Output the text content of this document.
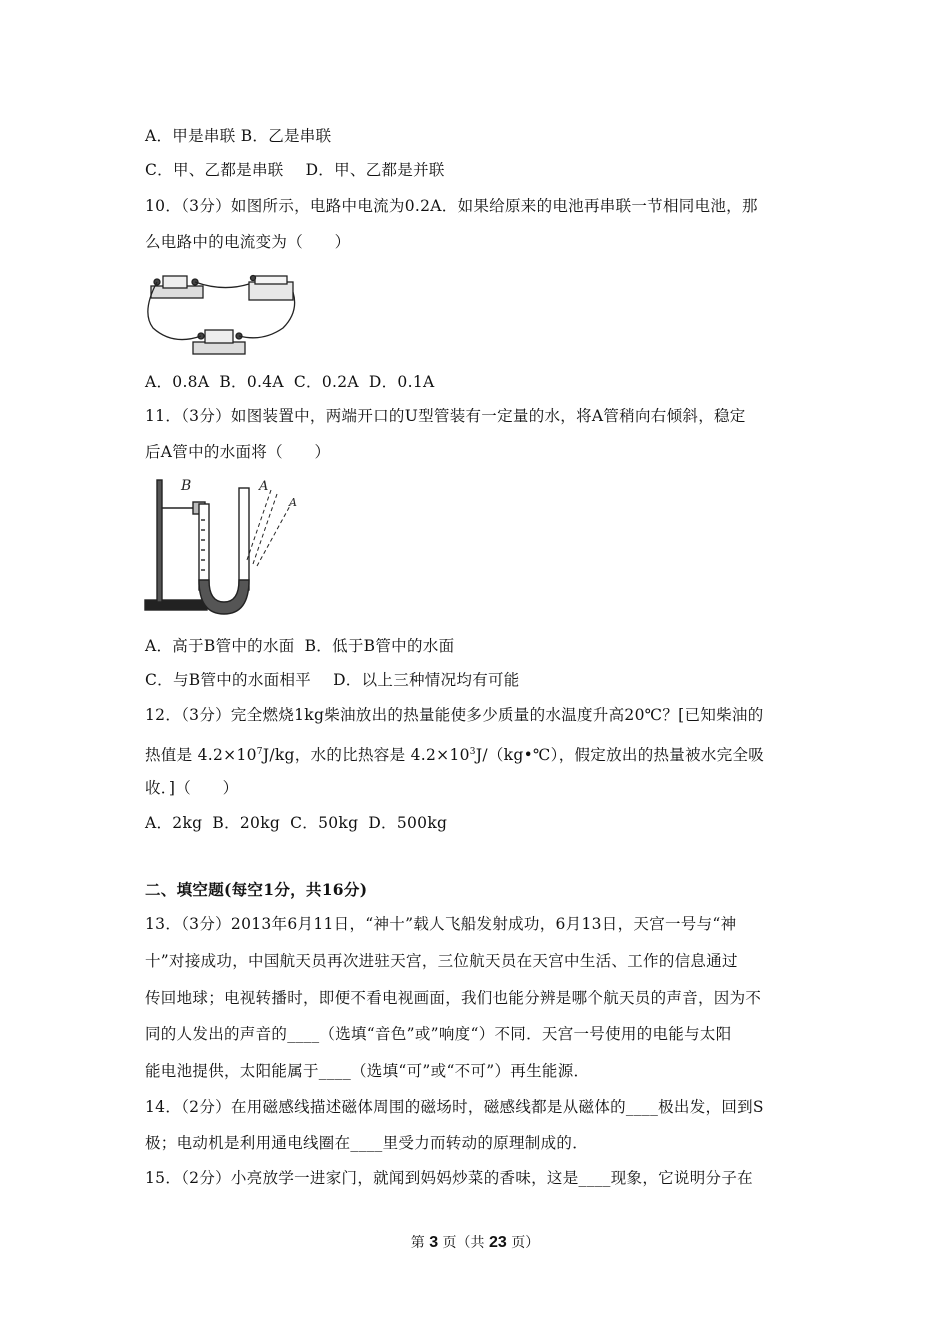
A．甲是串联 B．乙是串联
C．甲、乙都是串联 D．甲、乙都是并联
10．（3分）如图所示，电路中电流为0.2A．如果给原来的电池再串联一节相同电池，那
么电路中的电流变为（　　）
A．0.8A B．0.4A C．0.2A D．0.1A
11．（3分）如图装置中，两端开口的U型管装有一定量的水，将A管稍向右倾斜，稳定
后A管中的水面将（　　）
B	A
A
A．高于B管中的水面 B．低于B管中的水面
C．与B管中的水面相平 D．以上三种情况均有可能
12．（3分）完全燃烧1kg柴油放出的热量能使多少质量的水温度升高20℃？[已知柴油的
热值是 $4.2\times 10^7J/kg$，水的比热容是 $4.2\times 10^3J/(kg•℃)$，假定放出的热量被水完全吸
收．]（　　）
A．2kg B．20kg C．50kg D．500kg
二、填空题(每空1分，共16分)
13．（3分）2013年6月11日，“神十”载人飞船发射成功，6月13日，天宫一号与“神
十”对接成功，中国航天员再次进驻天宫，三位航天员在天宫中生活、工作的信息通过
传回地球；电视转播时，即便不看电视画面，我们也能分辨是哪个航天员的声音，因为不
同的人发出的声音的____（选填“音色”或”响度“）不同．天宫一号使用的电能与太阳
能电池提供，太阳能属于____（选填“可”或“不可”）再生能源．
14．（2分）在用磁感线描述磁体周围的磁场时，磁感线都是从磁体的____极出发，回到S
极；电动机是利用通电线圈在____里受力而转动的原理制成的．
15．（2分）小亮放学一进家门，就闻到妈妈炒菜的香味，这是____现象，它说明分子在
第 3 页（共 23 页）
